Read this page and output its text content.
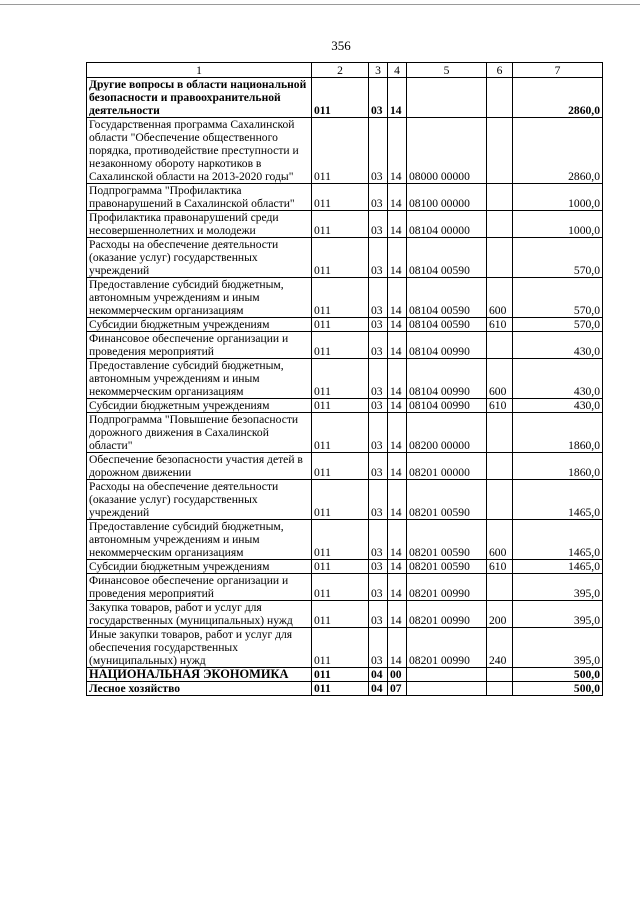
356
1	2	3	4	5	6	7
Другие вопросы в области национальной безопасности и правоохранительной деятельности	011	03	14			2860,0
Государственная программа Сахалинской области "Обеспечение общественного порядка, противодействие преступности и незаконному обороту наркотиков в Сахалинской области на 2013-2020 годы"	011	03	14	08000 00000		2860,0
Подпрограмма "Профилактика правонарушений в Сахалинской области"	011	03	14	08100 00000		1000,0
Профилактика правонарушений среди несовершеннолетних и молодежи	011	03	14	08104 00000		1000,0
Расходы на обеспечение деятельности (оказание услуг) государственных учреждений	011	03	14	08104 00590		570,0
Предоставление субсидий бюджетным, автономным учреждениям и иным некоммерческим организациям	011	03	14	08104 00590	600	570,0
Субсидии бюджетным учреждениям	011	03	14	08104 00590	610	570,0
Финансовое обеспечение организации и проведения мероприятий	011	03	14	08104 00990		430,0
Предоставление субсидий бюджетным, автономным учреждениям и иным некоммерческим организациям	011	03	14	08104 00990	600	430,0
Субсидии бюджетным учреждениям	011	03	14	08104 00990	610	430,0
Подпрограмма "Повышение безопасности дорожного движения в Сахалинской области"	011	03	14	08200 00000		1860,0
Обеспечение безопасности участия детей в дорожном движении	011	03	14	08201 00000		1860,0
Расходы на обеспечение деятельности (оказание услуг) государственных учреждений	011	03	14	08201 00590		1465,0
Предоставление субсидий бюджетным, автономным учреждениям и иным некоммерческим организациям	011	03	14	08201 00590	600	1465,0
Субсидии бюджетным учреждениям	011	03	14	08201 00590	610	1465,0
Финансовое обеспечение организации и проведения мероприятий	011	03	14	08201 00990		395,0
Закупка товаров, работ и услуг для государственных (муниципальных) нужд	011	03	14	08201 00990	200	395,0
Иные закупки товаров, работ и услуг для обеспечения государственных (муниципальных) нужд	011	03	14	08201 00990	240	395,0
НАЦИОНАЛЬНАЯ ЭКОНОМИКА	011	04	00			500,0
Лесное хозяйство	011	04	07			500,0
